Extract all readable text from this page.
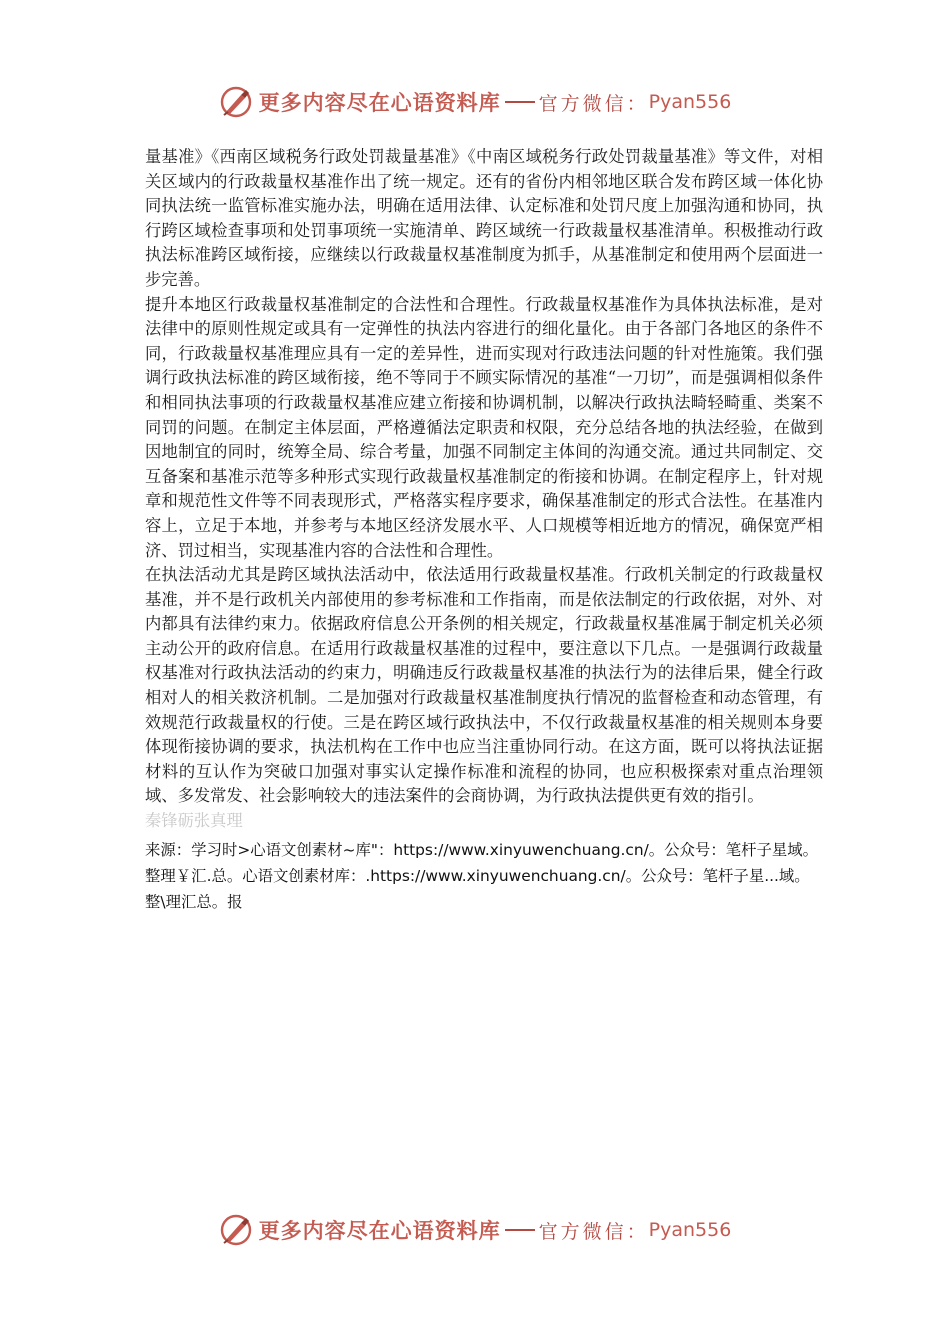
更多内容尽在心语资料库 官方微信： Pyan556

量基准》《西南区域税务行政处罚裁量基准》《中南区域税务行政处罚裁量基准》等文件，对相关区域内的行政裁量权基准作出了统一规定。还有的省份内相邻地区联合发布跨区域一体化协同执法统一监管标准实施办法，明确在适用法律、认定标准和处罚尺度上加强沟通和协同，执行跨区域检查事项和处罚事项统一实施清单、跨区域统一行政裁量权基准清单。积极推动行政执法标准跨区域衔接，应继续以行政裁量权基准制度为抓手，从基准制定和使用两个层面进一步完善。

提升本地区行政裁量权基准制定的合法性和合理性。行政裁量权基准作为具体执法标准，是对法律中的原则性规定或具有一定弹性的执法内容进行的细化量化。由于各部门各地区的条件不同，行政裁量权基准理应具有一定的差异性，进而实现对行政违法问题的针对性施策。我们强调行政执法标准的跨区域衔接，绝不等同于不顾实际情况的基准“一刀切”，而是强调相似条件和相同执法事项的行政裁量权基准应建立衔接和协调机制，以解决行政执法畸轻畸重、类案不同罚的问题。在制定主体层面，严格遵循法定职责和权限，充分总结各地的执法经验，在做到因地制宜的同时，统筹全局、综合考量，加强不同制定主体间的沟通交流。通过共同制定、交互备案和基准示范等多种形式实现行政裁量权基准制定的衔接和协调。在制定程序上，针对规章和规范性文件等不同表现形式，严格落实程序要求，确保基准制定的形式合法性。在基准内容上，立足于本地，并参考与本地区经济发展水平、人口规模等相近地方的情况，确保宽严相济、罚过相当，实现基准内容的合法性和合理性。

在执法活动尤其是跨区域执法活动中，依法适用行政裁量权基准。行政机关制定的行政裁量权基准，并不是行政机关内部使用的参考标准和工作指南，而是依法制定的行政依据，对外、对内都具有法律约束力。依据政府信息公开条例的相关规定，行政裁量权基准属于制定机关必须主动公开的政府信息。在适用行政裁量权基准的过程中，要注意以下几点。一是强调行政裁量权基准对行政执法活动的约束力，明确违反行政裁量权基准的执法行为的法律后果，健全行政相对人的相关救济机制。二是加强对行政裁量权基准制度执行情况的监督检查和动态管理，有效规范行政裁量权的行使。三是在跨区域行政执法中，不仅行政裁量权基准的相关规则本身要体现衔接协调的要求，执法机构在工作中也应当注重协同行动。在这方面，既可以将执法证据材料的互认作为突破口加强对事实认定操作标准和流程的协同，也应积极探索对重点治理领域、多发常发、社会影响较大的违法案件的会商协调，为行政执法提供更有效的指引。

秦锋砺张真理

来源：学习时>心语文创素材~库"：https://www.xinyuwenchuang.cn/。公众号：笔杆子星域。整理￥汇.总。心语文创素材库：.https://www.xinyuwenchuang.cn/。公众号：笔杆子星...域。整\理汇总。报

更多内容尽在心语资料库 官方微信： Pyan556
